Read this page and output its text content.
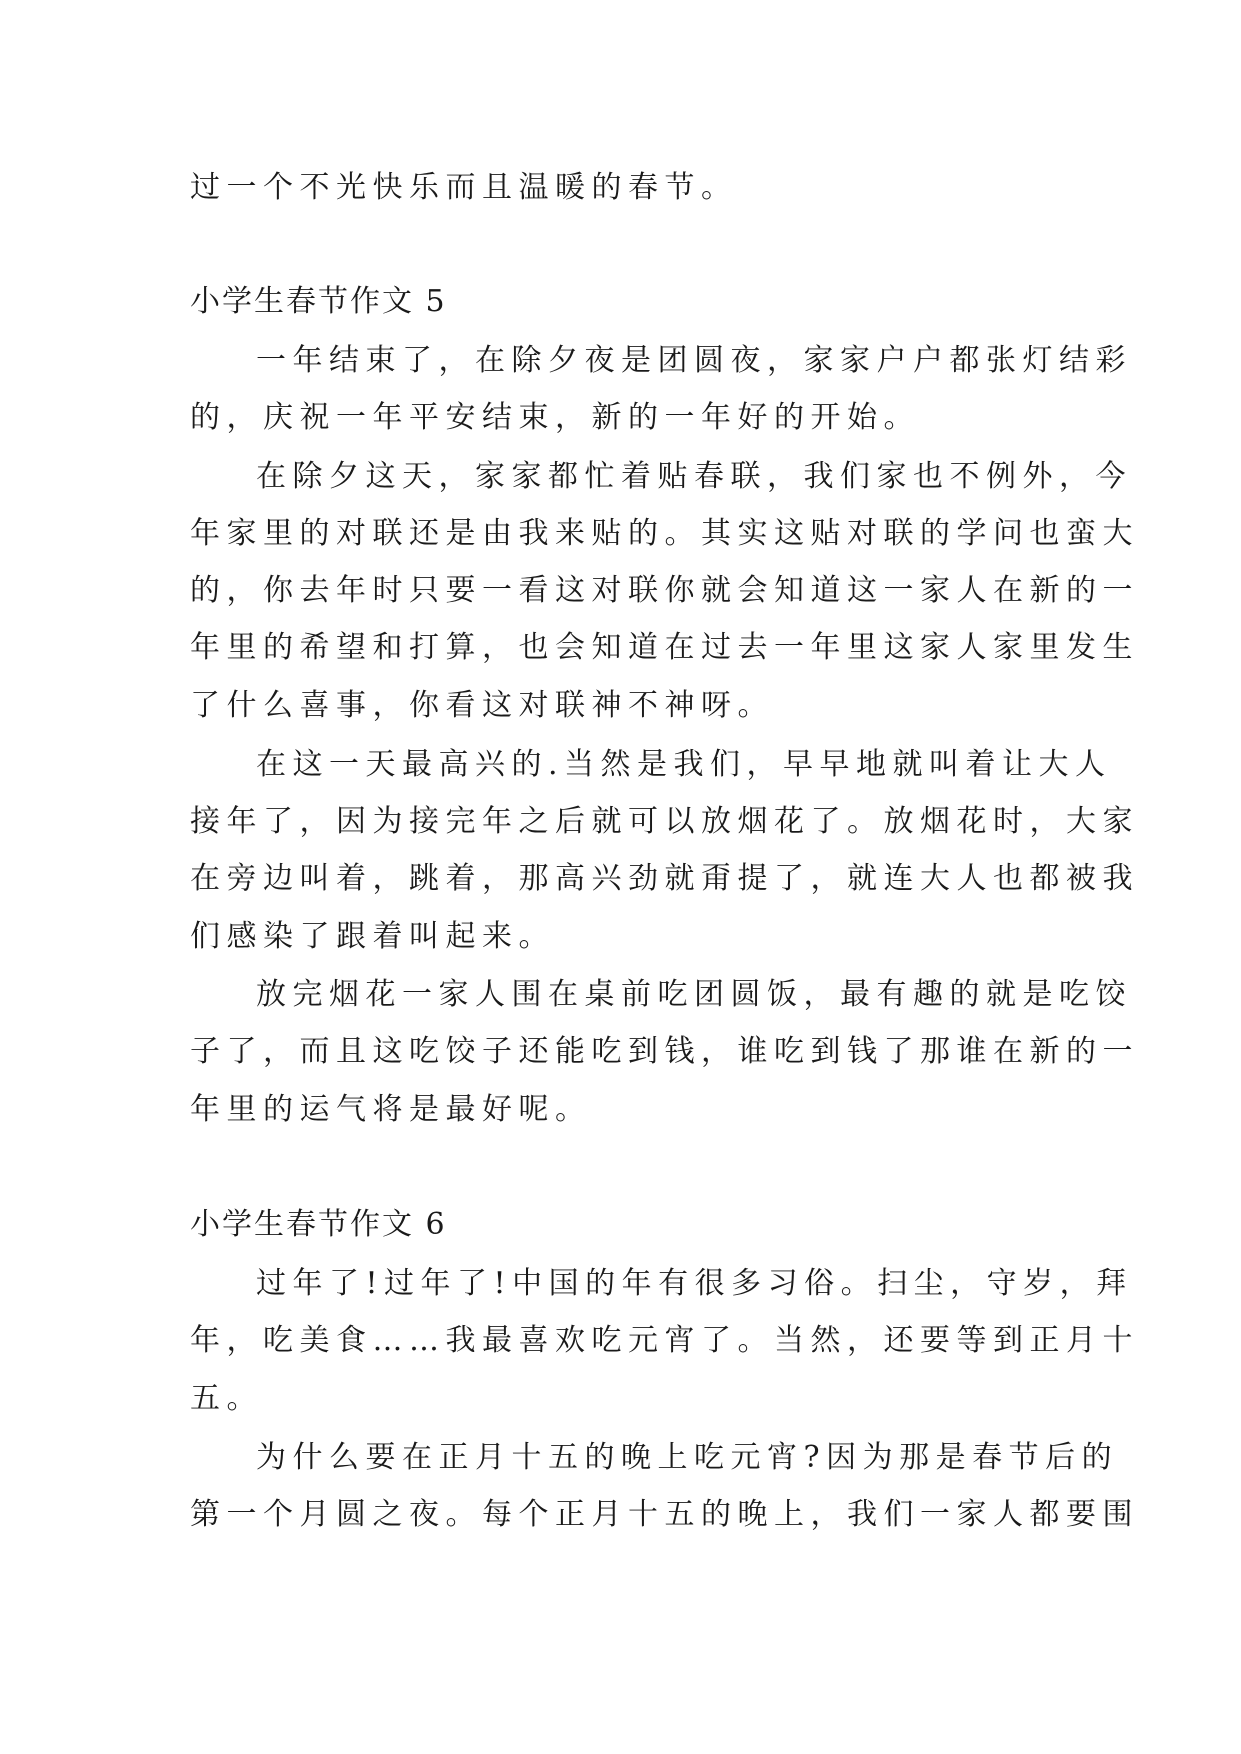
过一个不光快乐而且温暖的春节。
小学生春节作文 5
一年结束了，在除夕夜是团圆夜，家家户户都张灯结彩
的，庆祝一年平安结束，新的一年好的开始。
在除夕这天，家家都忙着贴春联，我们家也不例外，今
年家里的对联还是由我来贴的。其实这贴对联的学问也蛮大
的，你去年时只要一看这对联你就会知道这一家人在新的一
年里的希望和打算，也会知道在过去一年里这家人家里发生
了什么喜事，你看这对联神不神呀。
在这一天最高兴的.当然是我们，早早地就叫着让大人
接年了，因为接完年之后就可以放烟花了。放烟花时，大家
在旁边叫着，跳着，那高兴劲就甭提了，就连大人也都被我
们感染了跟着叫起来。
放完烟花一家人围在桌前吃团圆饭，最有趣的就是吃饺
子了，而且这吃饺子还能吃到钱，谁吃到钱了那谁在新的一
年里的运气将是最好呢。
小学生春节作文 6
过年了!过年了!中国的年有很多习俗。扫尘，守岁，拜
年，吃美食……我最喜欢吃元宵了。当然，还要等到正月十
五。
为什么要在正月十五的晚上吃元宵?因为那是春节后的
第一个月圆之夜。每个正月十五的晚上，我们一家人都要围
